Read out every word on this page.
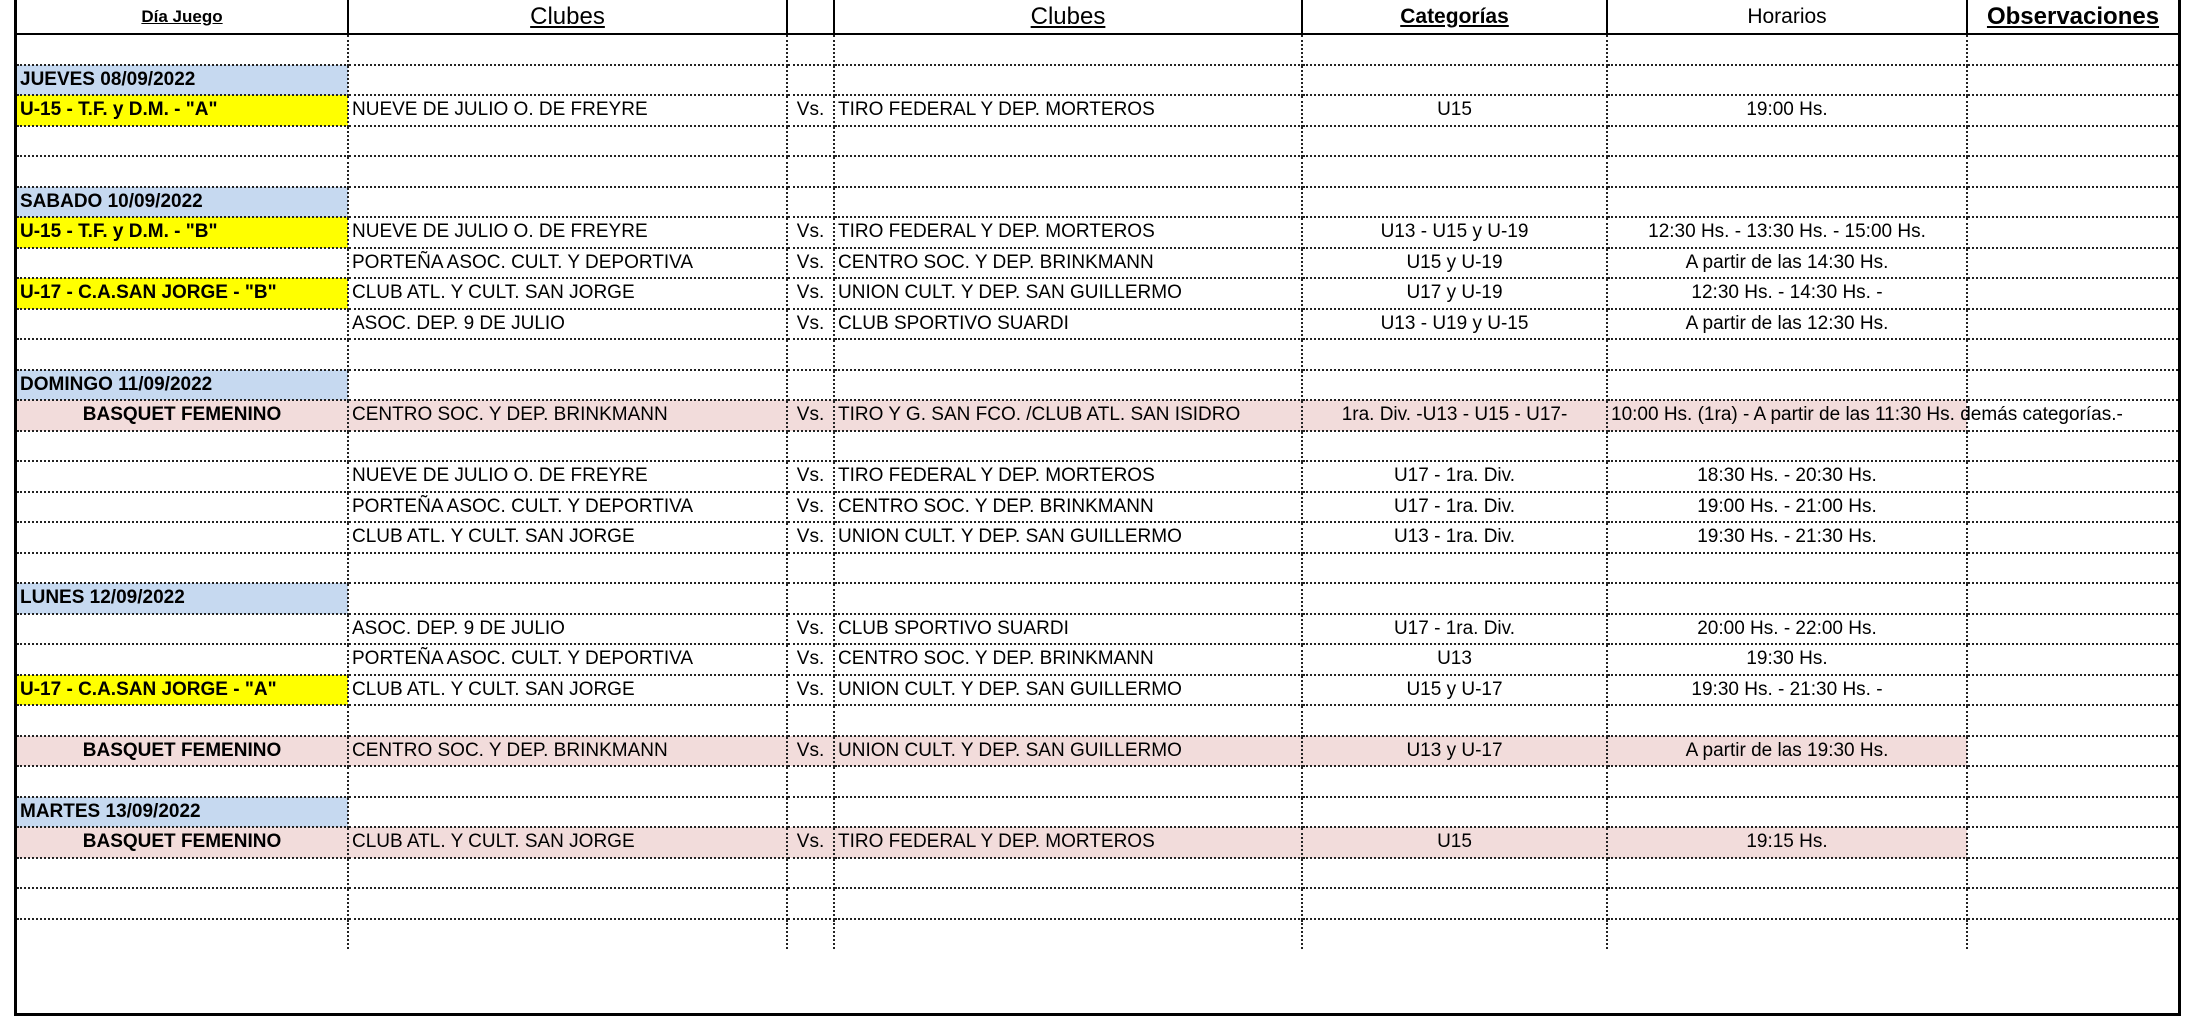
Día Juego	Clubes		Clubes	Categorías	Horarios	Observaciones

JUEVES 08/09/2022						
U-15 - T.F. y D.M. - "A"	NUEVE DE JULIO O. DE FREYRE	Vs.	TIRO FEDERAL Y DEP. MORTEROS	U15	19:00 Hs.	

SABADO 10/09/2022						
U-15 - T.F. y D.M. - "B"	NUEVE DE JULIO O. DE FREYRE	Vs.	TIRO FEDERAL Y DEP. MORTEROS	U13 - U15 y U-19	12:30 Hs. - 13:30 Hs. - 15:00 Hs.	
	PORTEÑA ASOC. CULT. Y DEPORTIVA	Vs.	CENTRO SOC. Y DEP. BRINKMANN	U15 y U-19	A partir de las 14:30 Hs.	
U-17 - C.A.SAN JORGE - "B"	CLUB ATL. Y CULT. SAN JORGE	Vs.	UNION CULT. Y DEP. SAN GUILLERMO	U17 y U-19	12:30 Hs. - 14:30 Hs. -	
	ASOC. DEP. 9 DE JULIO	Vs.	CLUB SPORTIVO SUARDI	U13 - U19 y U-15	A partir de las 12:30 Hs.	

DOMINGO 11/09/2022						
BASQUET FEMENINO	CENTRO SOC. Y DEP. BRINKMANN	Vs.	TIRO Y G. SAN FCO. /CLUB ATL. SAN ISIDRO	1ra. Div. -U13 - U15 - U17-	10:00 Hs. (1ra) - A partir de las 11:30 Hs. demás categorías.-	

	NUEVE DE JULIO O. DE FREYRE	Vs.	TIRO FEDERAL Y DEP. MORTEROS	U17 - 1ra. Div.	18:30 Hs. - 20:30 Hs.	
	PORTEÑA ASOC. CULT. Y DEPORTIVA	Vs.	CENTRO SOC. Y DEP. BRINKMANN	U17 - 1ra. Div.	19:00 Hs. - 21:00 Hs.	
	CLUB ATL. Y CULT. SAN JORGE	Vs.	UNION CULT. Y DEP. SAN GUILLERMO	U13 - 1ra. Div.	19:30 Hs. - 21:30 Hs.	

LUNES 12/09/2022						
	ASOC. DEP. 9 DE JULIO	Vs.	CLUB SPORTIVO SUARDI	U17 - 1ra. Div.	20:00 Hs. - 22:00 Hs.	
	PORTEÑA ASOC. CULT. Y DEPORTIVA	Vs.	CENTRO SOC. Y DEP. BRINKMANN	U13	19:30 Hs.	
U-17 - C.A.SAN JORGE - "A"	CLUB ATL. Y CULT. SAN JORGE	Vs.	UNION CULT. Y DEP. SAN GUILLERMO	U15 y U-17	19:30 Hs. - 21:30 Hs. -	

BASQUET FEMENINO	CENTRO SOC. Y DEP. BRINKMANN	Vs.	UNION CULT. Y DEP. SAN GUILLERMO	U13 y U-17	A partir de las 19:30 Hs.	

MARTES 13/09/2022						
BASQUET FEMENINO	CLUB ATL. Y CULT. SAN JORGE	Vs.	TIRO FEDERAL Y DEP. MORTEROS	U15	19:15 Hs.	
